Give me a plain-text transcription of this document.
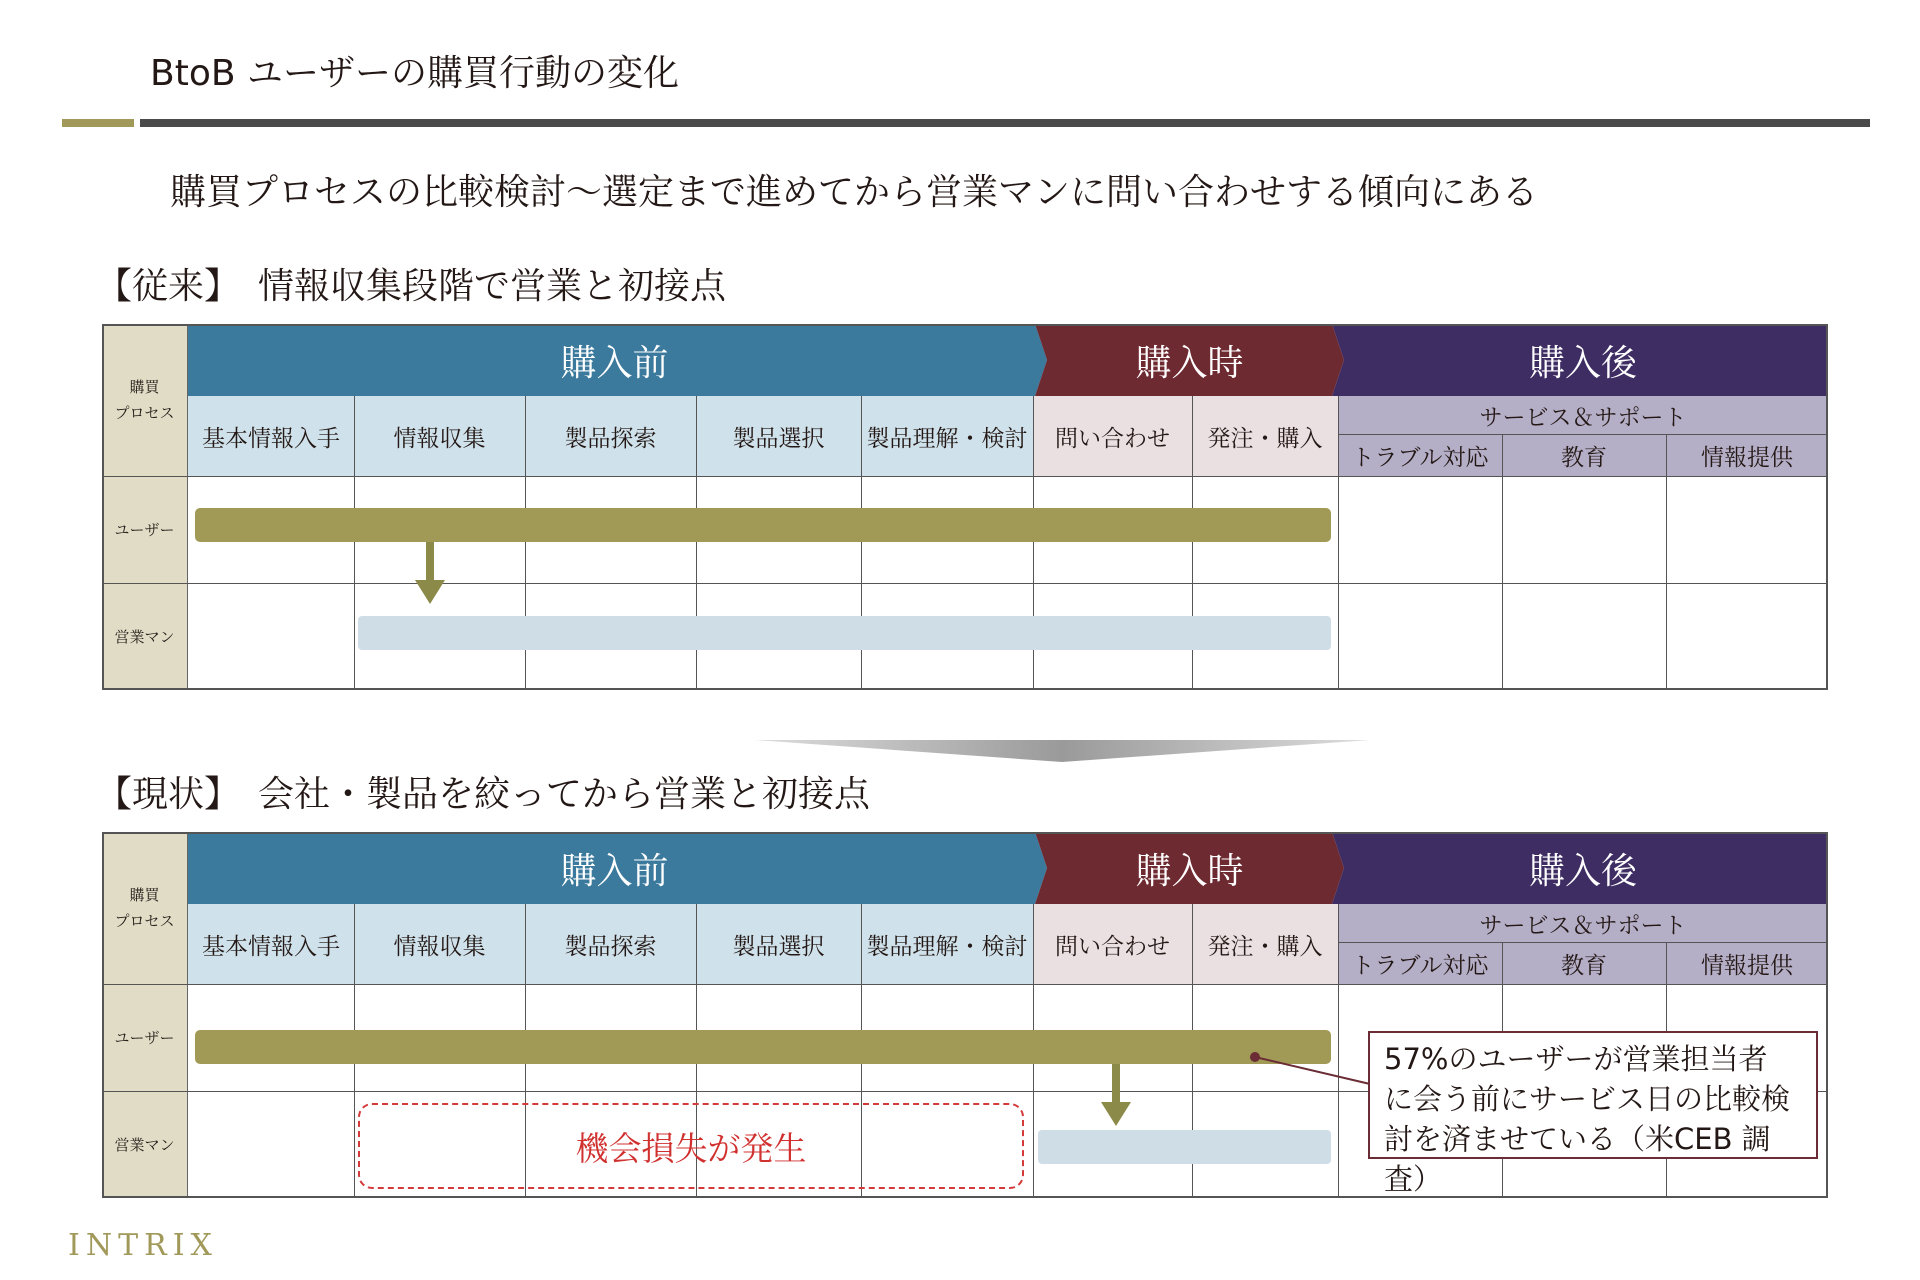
BtoB ユーザーの購買行動の変化
購買プロセスの比較検討～選定まで進めてから営業マンに問い合わせする傾向にある
【従来】 情報収集段階で営業と初接点
購買
プロセス
ユーザー
営業マン
購入前	購入時	購入後
基本情報入手	情報収集	製品探索	製品選択	製品理解・検討	問い合わせ	発注・購入
サービス＆サポート
トラブル対応	教育	情報提供
【現状】 会社・製品を絞ってから営業と初接点
購買
プロセス
ユーザー
営業マン
購入前	購入時	購入後
基本情報入手	情報収集	製品探索	製品選択	製品理解・検討	問い合わせ	発注・購入
サービス＆サポート
トラブル対応	教育	情報提供
機会損失が発生
57%のユーザーが営業担当者
に会う前にサービス日の比較検
討を済ませている（米CEB 調査）
INTRIX
